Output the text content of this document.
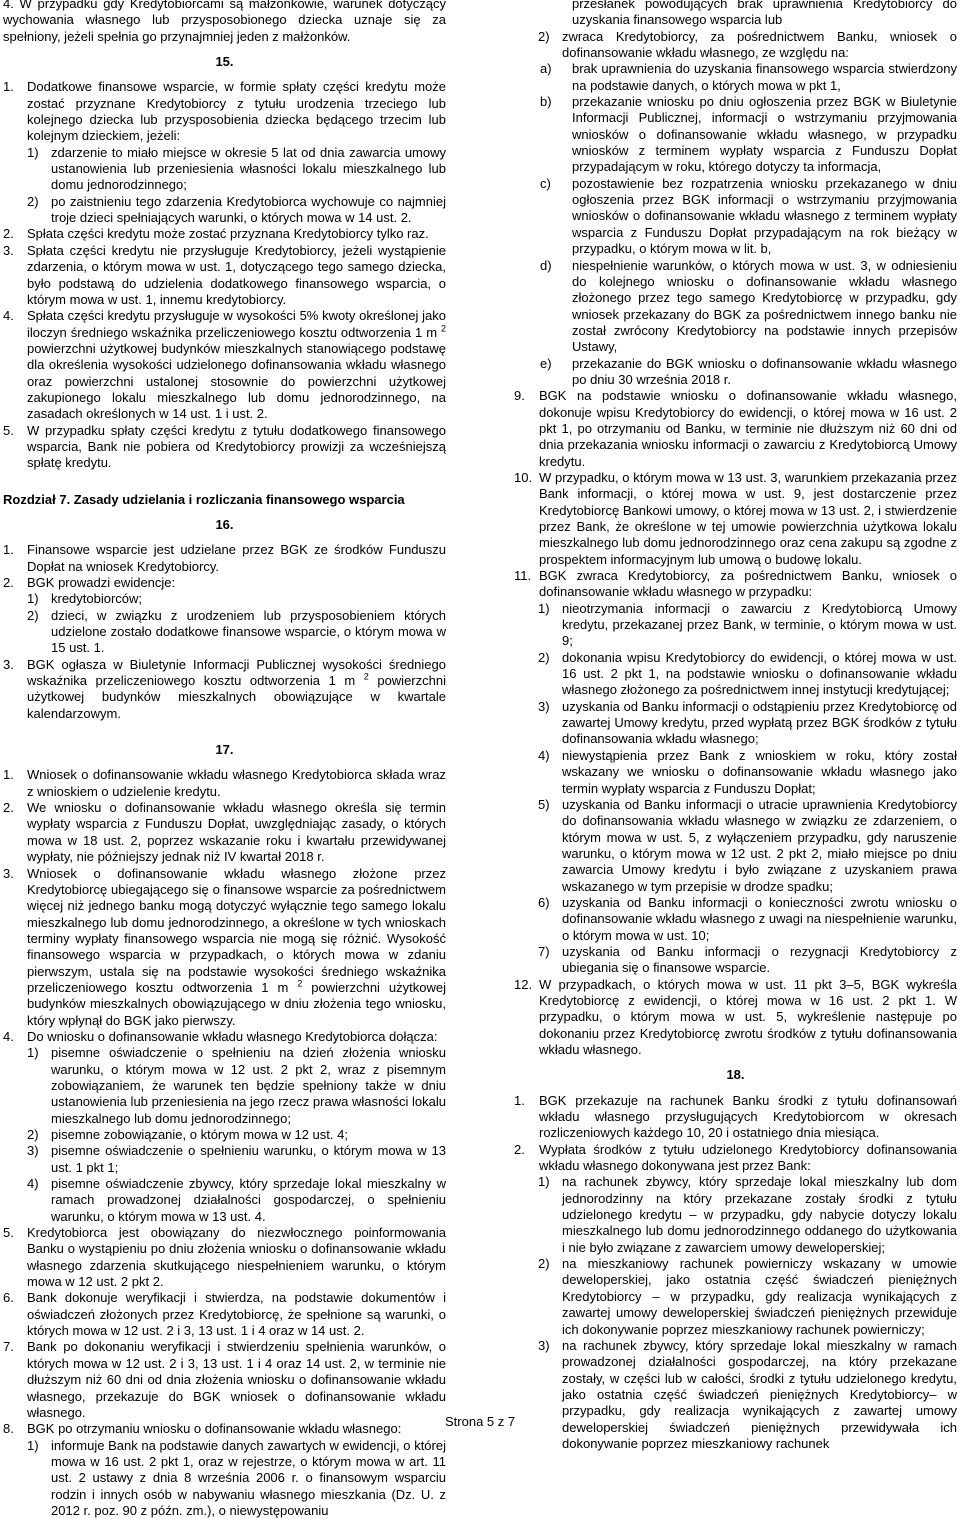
4. W przypadku gdy Kredytobiorcami są małżonkowie, warunek dotyczący wychowania własnego lub przysposobionego dziecka uznaje się za spełniony, jeżeli spełnia go przynajmniej jeden z małżonków.

15.

1. Dodatkowe finansowe wsparcie, w formie spłaty części kredytu może zostać przyznane Kredytobiorcy z tytułu urodzenia trzeciego lub kolejnego dziecka lub przysposobienia dziecka będącego trzecim lub kolejnym dzieckiem, jeżeli:
1) zdarzenie to miało miejsce w okresie 5 lat od dnia zawarcia umowy ustanowienia lub przeniesienia własności lokalu mieszkalnego lub domu jednorodzinnego;
2) po zaistnieniu tego zdarzenia Kredytobiorca wychowuje co najmniej troje dzieci spełniających warunki, o których mowa w 14 ust. 2.
2. Spłata części kredytu może zostać przyznana Kredytobiorcy tylko raz.
3. Spłata części kredytu nie przysługuje Kredytobiorcy, jeżeli wystąpienie zdarzenia, o którym mowa w ust. 1, dotyczącego tego samego dziecka, było podstawą do udzielenia dodatkowego finansowego wsparcia, o którym mowa w ust. 1, innemu kredytobiorcy.
4. Spłata części kredytu przysługuje w wysokości 5% kwoty określonej jako iloczyn średniego wskaźnika przeliczeniowego kosztu odtworzenia 1 m $^2$ powierzchni użytkowej budynków mieszkalnych stanowiącego podstawę dla określenia wysokości udzielonego dofinansowania wkładu własnego oraz powierzchni ustalonej stosownie do powierzchni użytkowej zakupionego lokalu mieszkalnego lub domu jednorodzinnego, na zasadach określonych w 14 ust. 1 i ust. 2.
5. W przypadku spłaty części kredytu z tytułu dodatkowego finansowego wsparcia, Bank nie pobiera od Kredytobiorcy prowizji za wcześniejszą spłatę kredytu.
Rozdział 7. Zasady udzielania i rozliczania finansowego wsparcia

16.

1. Finansowe wsparcie jest udzielane przez BGK ze środków Funduszu Dopłat na wniosek Kredytobiorcy.
2. BGK prowadzi ewidencje:
1) kredytobiorców;
2) dzieci, w związku z urodzeniem lub przysposobieniem których udzielone zostało dodatkowe finansowe wsparcie, o którym mowa w 15 ust. 1.
3. BGK ogłasza w Biuletynie Informacji Publicznej wysokości średniego wskaźnika przeliczeniowego kosztu odtworzenia 1 m $^2$ powierzchni użytkowej budynków mieszkalnych obowiązujące w kwartale kalendarzowym.

17.

1. Wniosek o dofinansowanie wkładu własnego Kredytobiorca składa wraz z wnioskiem o udzielenie kredytu.
2. We wniosku o dofinansowanie wkładu własnego określa się termin wypłaty wsparcia z Funduszu Dopłat, uwzględniając zasady, o których mowa w 18 ust. 2, poprzez wskazanie roku i kwartału przewidywanej wypłaty, nie późniejszy jednak niż IV kwartał 2018 r.
3. Wniosek o dofinansowanie wkładu własnego złożone przez Kredytobiorcę ubiegającego się o finansowe wsparcie za pośrednictwem więcej niż jednego banku mogą dotyczyć wyłącznie tego samego lokalu mieszkalnego lub domu jednorodzinnego, a określone w tych wnioskach terminy wypłaty finansowego wsparcia nie mogą się różnić. Wysokość finansowego wsparcia w przypadkach, o których mowa w zdaniu pierwszym, ustala się na podstawie wysokości średniego wskaźnika przeliczeniowego kosztu odtworzenia 1 m $^2$ powierzchni użytkowej budynków mieszkalnych obowiązującego w dniu złożenia tego wniosku, który wpłynął do BGK jako pierwszy.
4. Do wniosku o dofinansowanie wkładu własnego Kredytobiorca dołącza:
1) pisemne oświadczenie o spełnieniu na dzień złożenia wniosku warunku, o którym mowa w 12 ust. 2 pkt 2, wraz z pisemnym zobowiązaniem, że warunek ten będzie spełniony także w dniu ustanowienia lub przeniesienia na jego rzecz prawa własności lokalu mieszkalnego lub domu jednorodzinnego;
2) pisemne zobowiązanie, o którym mowa w 12 ust. 4;
3) pisemne oświadczenie o spełnieniu warunku, o którym mowa w 13 ust. 1 pkt 1;
4) pisemne oświadczenie zbywcy, który sprzedaje lokal mieszkalny w ramach prowadzonej działalności gospodarczej, o spełnieniu warunku, o którym mowa w 13 ust. 4.
5. Kredytobiorca jest obowiązany do niezwłocznego poinformowania Banku o wystąpieniu po dniu złożenia wniosku o dofinansowanie wkładu własnego zdarzenia skutkującego niespełnieniem warunku, o którym mowa w 12 ust. 2 pkt 2.
6. Bank dokonuje weryfikacji i stwierdza, na podstawie dokumentów i oświadczeń złożonych przez Kredytobiorcę, że spełnione są warunki, o których mowa w 12 ust. 2 i 3, 13 ust. 1 i 4 oraz w 14 ust. 2.
7. Bank po dokonaniu weryfikacji i stwierdzeniu spełnienia warunków, o których mowa w 12 ust. 2 i 3, 13 ust. 1 i 4 oraz 14 ust. 2, w terminie nie dłuższym niż 60 dni od dnia złożenia wniosku o dofinansowanie wkładu własnego, przekazuje do BGK wniosek o dofinansowanie wkładu własnego.
8. BGK po otrzymaniu wniosku o dofinansowanie wkładu własnego:
1) informuje Bank na podstawie danych zawartych w ewidencji, o której mowa w 16 ust. 2 pkt 1, oraz w rejestrze, o którym mowa w art. 11 ust. 2 ustawy z dnia 8 września 2006 r. o finansowym wsparciu rodzin i innych osób w nabywaniu własnego mieszkania (Dz. U. z 2012 r. poz. 90 z późn. zm.), o niewystępowaniu
przesłanek powodujących brak uprawnienia Kredytobiorcy do uzyskania finansowego wsparcia lub
2) zwraca Kredytobiorcy, za pośrednictwem Banku, wniosek o dofinansowanie wkładu własnego, ze względu na:
a) brak uprawnienia do uzyskania finansowego wsparcia stwierdzony na podstawie danych, o których mowa w pkt 1,
b) przekazanie wniosku po dniu ogłoszenia przez BGK w Biuletynie Informacji Publicznej, informacji o wstrzymaniu przyjmowania wniosków o dofinansowanie wkładu własnego, w przypadku wniosków z terminem wypłaty wsparcia z Funduszu Dopłat przypadającym w roku, którego dotyczy ta informacja,
c) pozostawienie bez rozpatrzenia wniosku przekazanego w dniu ogłoszenia przez BGK informacji o wstrzymaniu przyjmowania wniosków o dofinansowanie wkładu własnego z terminem wypłaty wsparcia z Funduszu Dopłat przypadającym na rok bieżący w przypadku, o którym mowa w lit. b,
d) niespełnienie warunków, o których mowa w ust. 3, w odniesieniu do kolejnego wniosku o dofinansowanie wkładu własnego złożonego przez tego samego Kredytobiorcę w przypadku, gdy wniosek przekazany do BGK za pośrednictwem innego banku nie został zwrócony Kredytobiorcy na podstawie innych przepisów Ustawy,
e) przekazanie do BGK wniosku o dofinansowanie wkładu własnego po dniu 30 września 2018 r.
9. BGK na podstawie wniosku o dofinansowanie wkładu własnego, dokonuje wpisu Kredytobiorcy do ewidencji, o której mowa w 16 ust. 2 pkt 1, po otrzymaniu od Banku, w terminie nie dłuższym niż 60 dni od dnia przekazania wniosku informacji o zawarciu z Kredytobiorcą Umowy kredytu.
10. W przypadku, o którym mowa w 13 ust. 3, warunkiem przekazania przez Bank informacji, o której mowa w ust. 9, jest dostarczenie przez Kredytobiorcę Bankowi umowy, o której mowa w 13 ust. 2, i stwierdzenie przez Bank, że określone w tej umowie powierzchnia użytkowa lokalu mieszkalnego lub domu jednorodzinnego oraz cena zakupu są zgodne z prospektem informacyjnym lub umową o budowę lokalu.
11. BGK zwraca Kredytobiorcy, za pośrednictwem Banku, wniosek o dofinansowanie wkładu własnego w przypadku:
1) nieotrzymania informacji o zawarciu z Kredytobiorcą Umowy kredytu, przekazanej przez Bank, w terminie, o którym mowa w ust. 9;
2) dokonania wpisu Kredytobiorcy do ewidencji, o której mowa w ust. 16 ust. 2 pkt 1, na podstawie wniosku o dofinansowanie wkładu własnego złożonego za pośrednictwem innej instytucji kredytującej;
3) uzyskania od Banku informacji o odstąpieniu przez Kredytobiorcę od zawartej Umowy kredytu, przed wypłatą przez BGK środków z tytułu dofinansowania wkładu własnego;
4) niewystąpienia przez Bank z wnioskiem w roku, który został wskazany we wniosku o dofinansowanie wkładu własnego jako termin wypłaty wsparcia z Funduszu Dopłat;
5) uzyskania od Banku informacji o utracie uprawnienia Kredytobiorcy do dofinansowania wkładu własnego w związku ze zdarzeniem, o którym mowa w ust. 5, z wyłączeniem przypadku, gdy naruszenie warunku, o którym mowa w 12 ust. 2 pkt 2, miało miejsce po dniu zawarcia Umowy kredytu i było związane z uzyskaniem prawa wskazanego w tym przepisie w drodze spadku;
6) uzyskania od Banku informacji o konieczności zwrotu wniosku o dofinansowanie wkładu własnego z uwagi na niespełnienie warunku, o którym mowa w ust. 10;
7) uzyskania od Banku informacji o rezygnacji Kredytobiorcy z ubiegania się o finansowe wsparcie.
12. W przypadkach, o których mowa w ust. 11 pkt 3–5, BGK wykreśla Kredytobiorcę z ewidencji, o której mowa w 16 ust. 2 pkt 1. W przypadku, o którym mowa w ust. 5, wykreślenie następuje po dokonaniu przez Kredytobiorcę zwrotu środków z tytułu dofinansowania wkładu własnego.

18.

1. BGK przekazuje na rachunek Banku środki z tytułu dofinansowań wkładu własnego przysługujących Kredytobiorcom w okresach rozliczeniowych każdego 10, 20 i ostatniego dnia miesiąca.
2. Wypłata środków z tytułu udzielonego Kredytobiorcy dofinansowania wkładu własnego dokonywana jest przez Bank:
1) na rachunek zbywcy, który sprzedaje lokal mieszkalny lub dom jednorodzinny na który przekazane zostały środki z tytułu udzielonego kredytu – w przypadku, gdy nabycie dotyczy lokalu mieszkalnego lub domu jednorodzinnego oddanego do użytkowania i nie było związane z zawarciem umowy deweloperskiej;
2) na mieszkaniowy rachunek powierniczy wskazany w umowie deweloperskiej, jako ostatnia część świadczeń pieniężnych Kredytobiorcy – w przypadku, gdy realizacja wynikających z zawartej umowy deweloperskiej świadczeń pieniężnych przewiduje ich dokonywanie poprzez mieszkaniowy rachunek powierniczy;
3) na rachunek zbywcy, który sprzedaje lokal mieszkalny w ramach prowadzonej działalności gospodarczej, na który przekazane zostały, w części lub w całości, środki z tytułu udzielonego kredytu, jako ostatnia część świadczeń pieniężnych Kredytobiorcy– w przypadku, gdy realizacja wynikających z zawartej umowy deweloperskiej świadczeń pieniężnych przewidywała ich dokonywanie poprzez mieszkaniowy rachunek
Strona 5 z 7
